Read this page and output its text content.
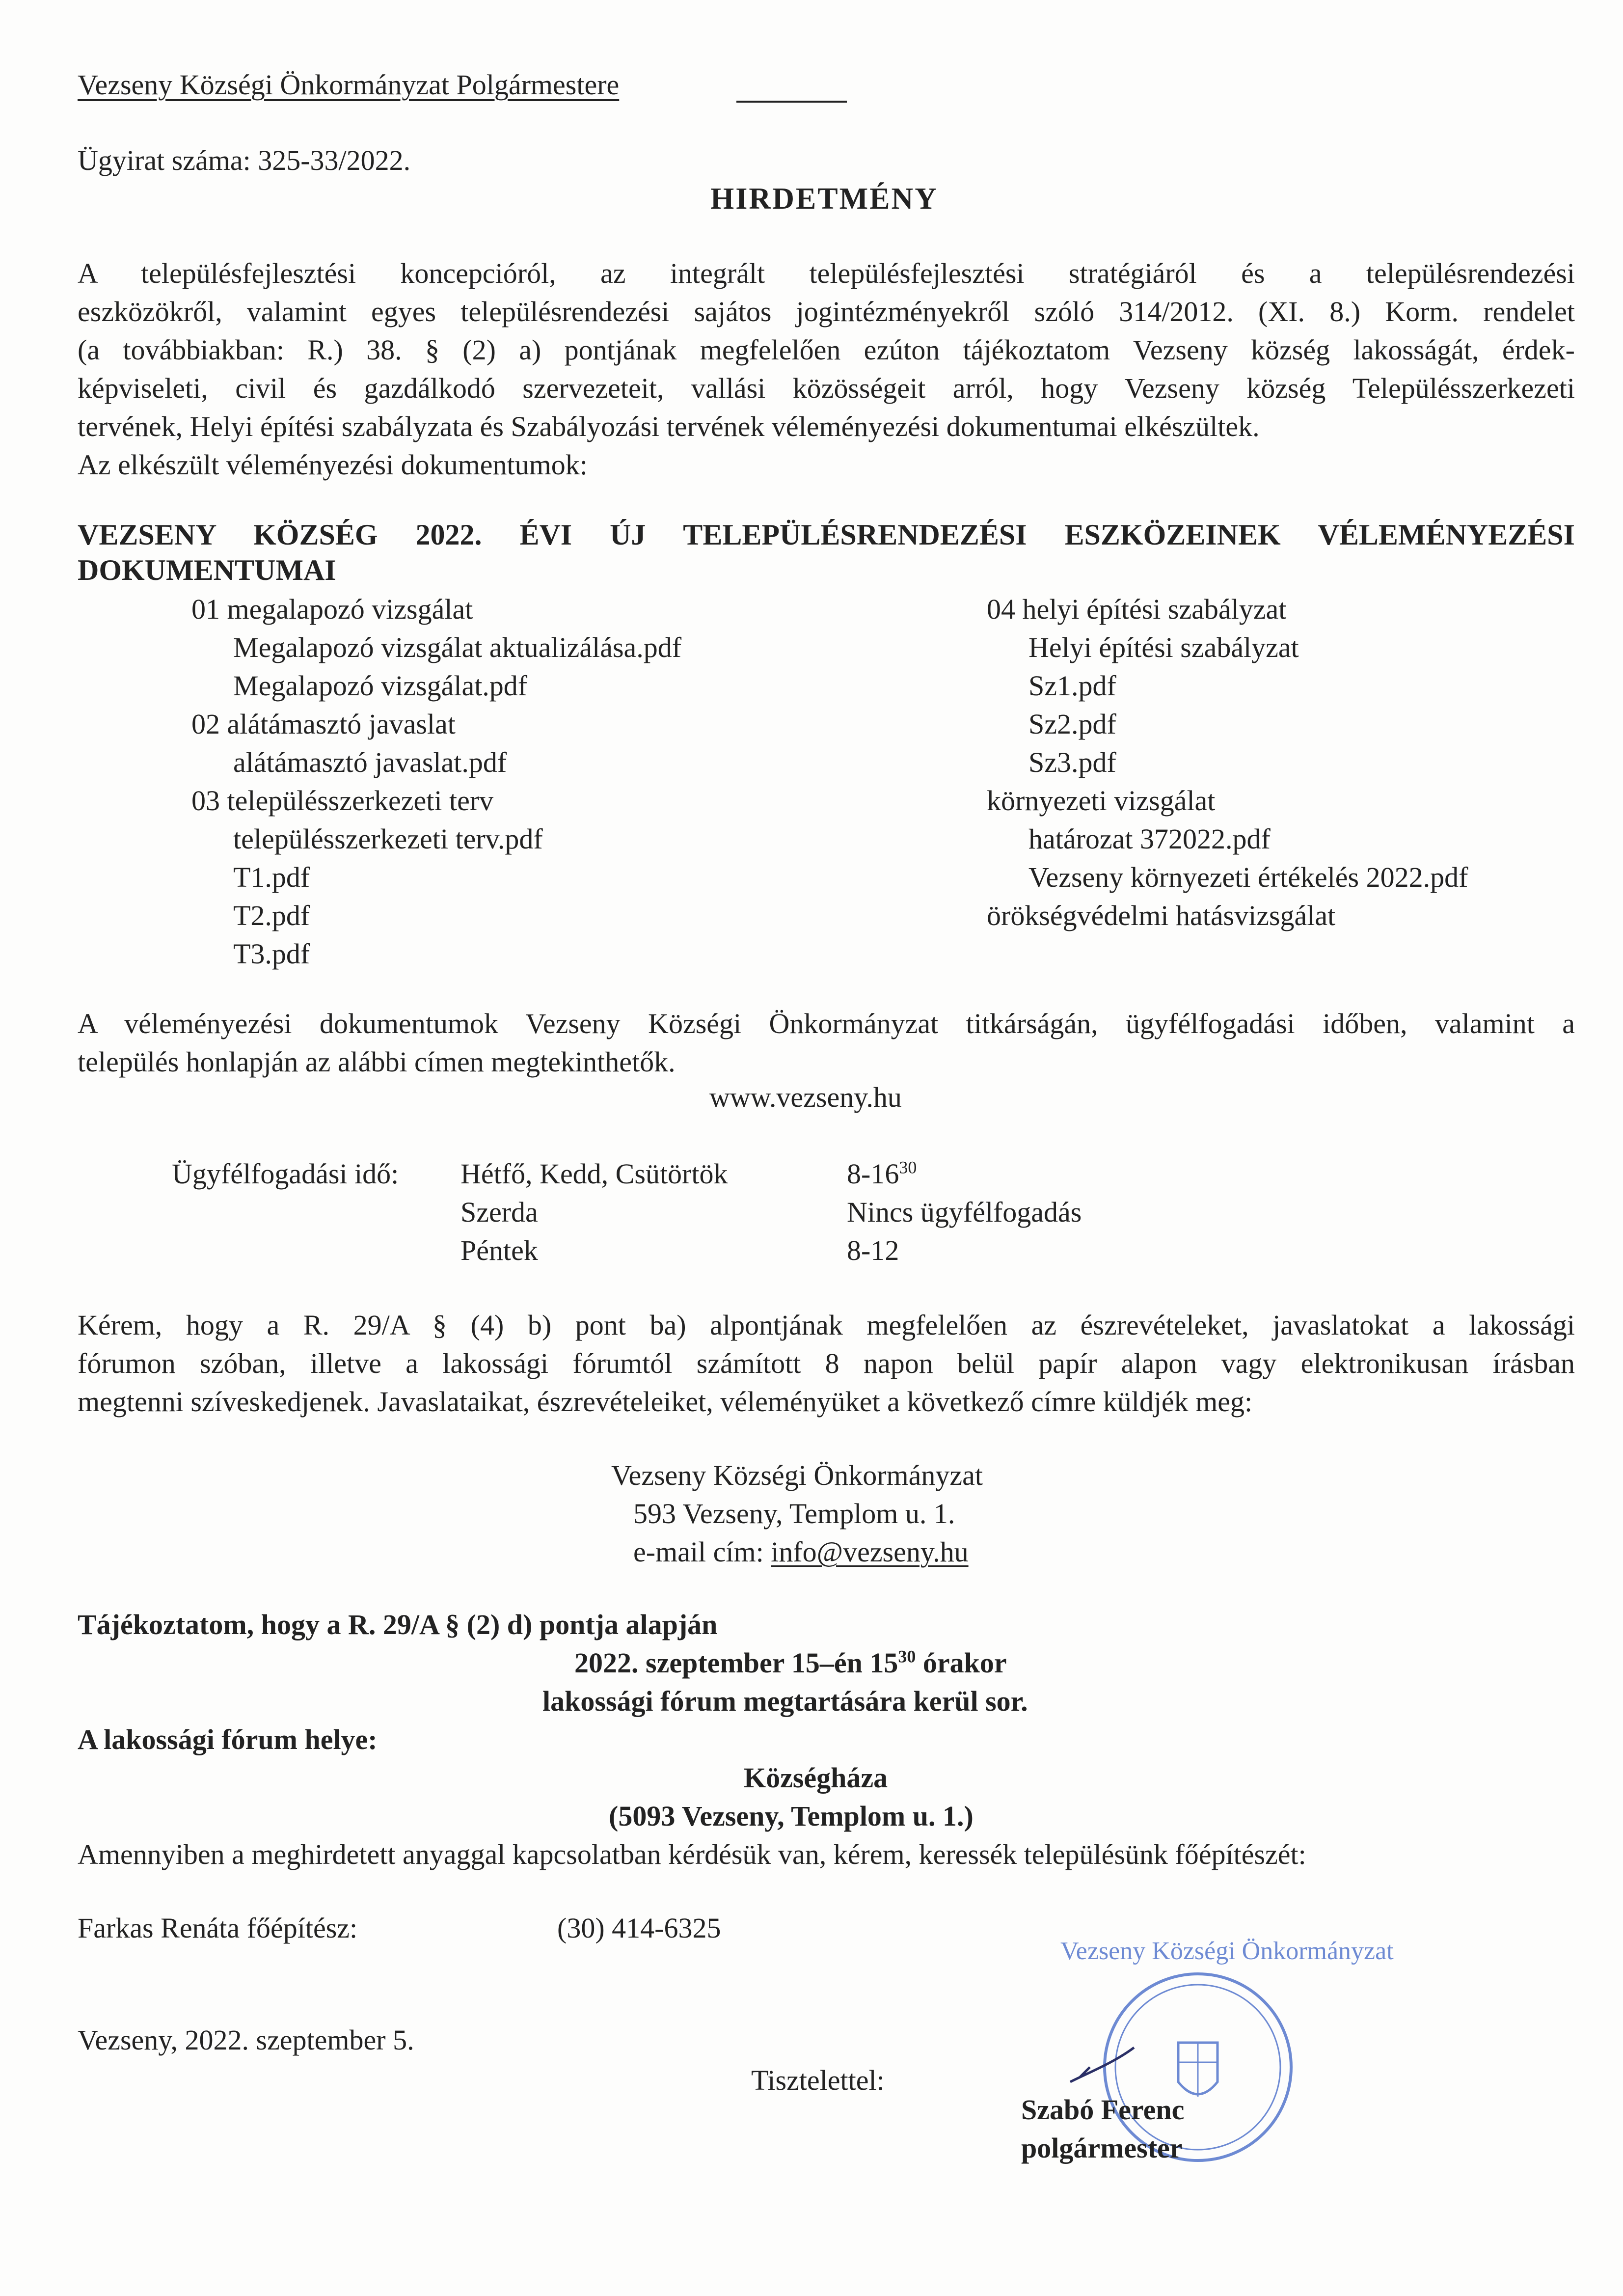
Vezseny Községi Önkormányzat Polgármestere
Ügyirat száma: 325-33/2022.
HIRDETMÉNY
A településfejlesztési koncepcióról, az integrált településfejlesztési stratégiáról és a településrendezési
eszközökről, valamint egyes településrendezési sajátos jogintézményekről szóló 314/2012. (XI. 8.) Korm. rendelet
(a továbbiakban: R.) 38. § (2) a) pontjának megfelelően ezúton tájékoztatom Vezseny község lakosságát, érdek-
képviseleti, civil és gazdálkodó szervezeteit, vallási közösségeit arról, hogy Vezseny község Településszerkezeti
tervének, Helyi építési szabályzata és Szabályozási tervének véleményezési dokumentumai elkészültek.
Az elkészült véleményezési dokumentumok:
VEZSENY KÖZSÉG 2022. ÉVI ÚJ TELEPÜLÉSRENDEZÉSI ESZKÖZEINEK VÉLEMÉNYEZÉSI
DOKUMENTUMAI
01 megalapozó vizsgálat
Megalapozó vizsgálat aktualizálása.pdf
Megalapozó vizsgálat.pdf
02 alátámasztó javaslat
alátámasztó javaslat.pdf
03 településszerkezeti terv
településszerkezeti terv.pdf
T1.pdf
T2.pdf
T3.pdf
04 helyi építési szabályzat
Helyi építési szabályzat
Sz1.pdf
Sz2.pdf
Sz3.pdf
környezeti vizsgálat
határozat 372022.pdf
Vezseny környezeti értékelés 2022.pdf
örökségvédelmi hatásvizsgálat
A véleményezési dokumentumok Vezseny Községi Önkormányzat titkárságán, ügyfélfogadási időben, valamint a
település honlapján az alábbi címen megtekinthetők.
www.vezseny.hu
Ügyfélfogadási idő: Hétfő, Kedd, Csütörtök	$8-16^{30}$
Szerda	Nincs ügyfélfogadás
Péntek	8-12
Kérem, hogy a R. 29/A § (4) b) pont ba) alpontjának megfelelően az észrevételeket, javaslatokat a lakossági
fórumon szóban, illetve a lakossági fórumtól számított 8 napon belül papír alapon vagy elektronikusan írásban
megtenni szíveskedjenek. Javaslataikat, észrevételeiket, véleményüket a következő címre küldjék meg:
Vezseny Községi Önkormányzat
593 Vezseny, Templom u. 1.
e-mail cím: info@vezseny.hu
Tájékoztatom, hogy a R. 29/A § (2) d) pontja alapján
2022. szeptember 15–én $15^{30}$ órakor
lakossági fórum megtartására kerül sor.
A lakossági fórum helye:
Községháza
(5093 Vezseny, Templom u. 1.)
Amennyiben a meghirdetett anyaggal kapcsolatban kérdésük van, kérem, keressék településünk főépítészét:
Farkas Renáta főépítész:	(30) 414-6325
Vezseny, 2022. szeptember 5.
Tisztelettel:
Vezseny Községi Önkormányzat
Szabó Ferenc
polgármester
